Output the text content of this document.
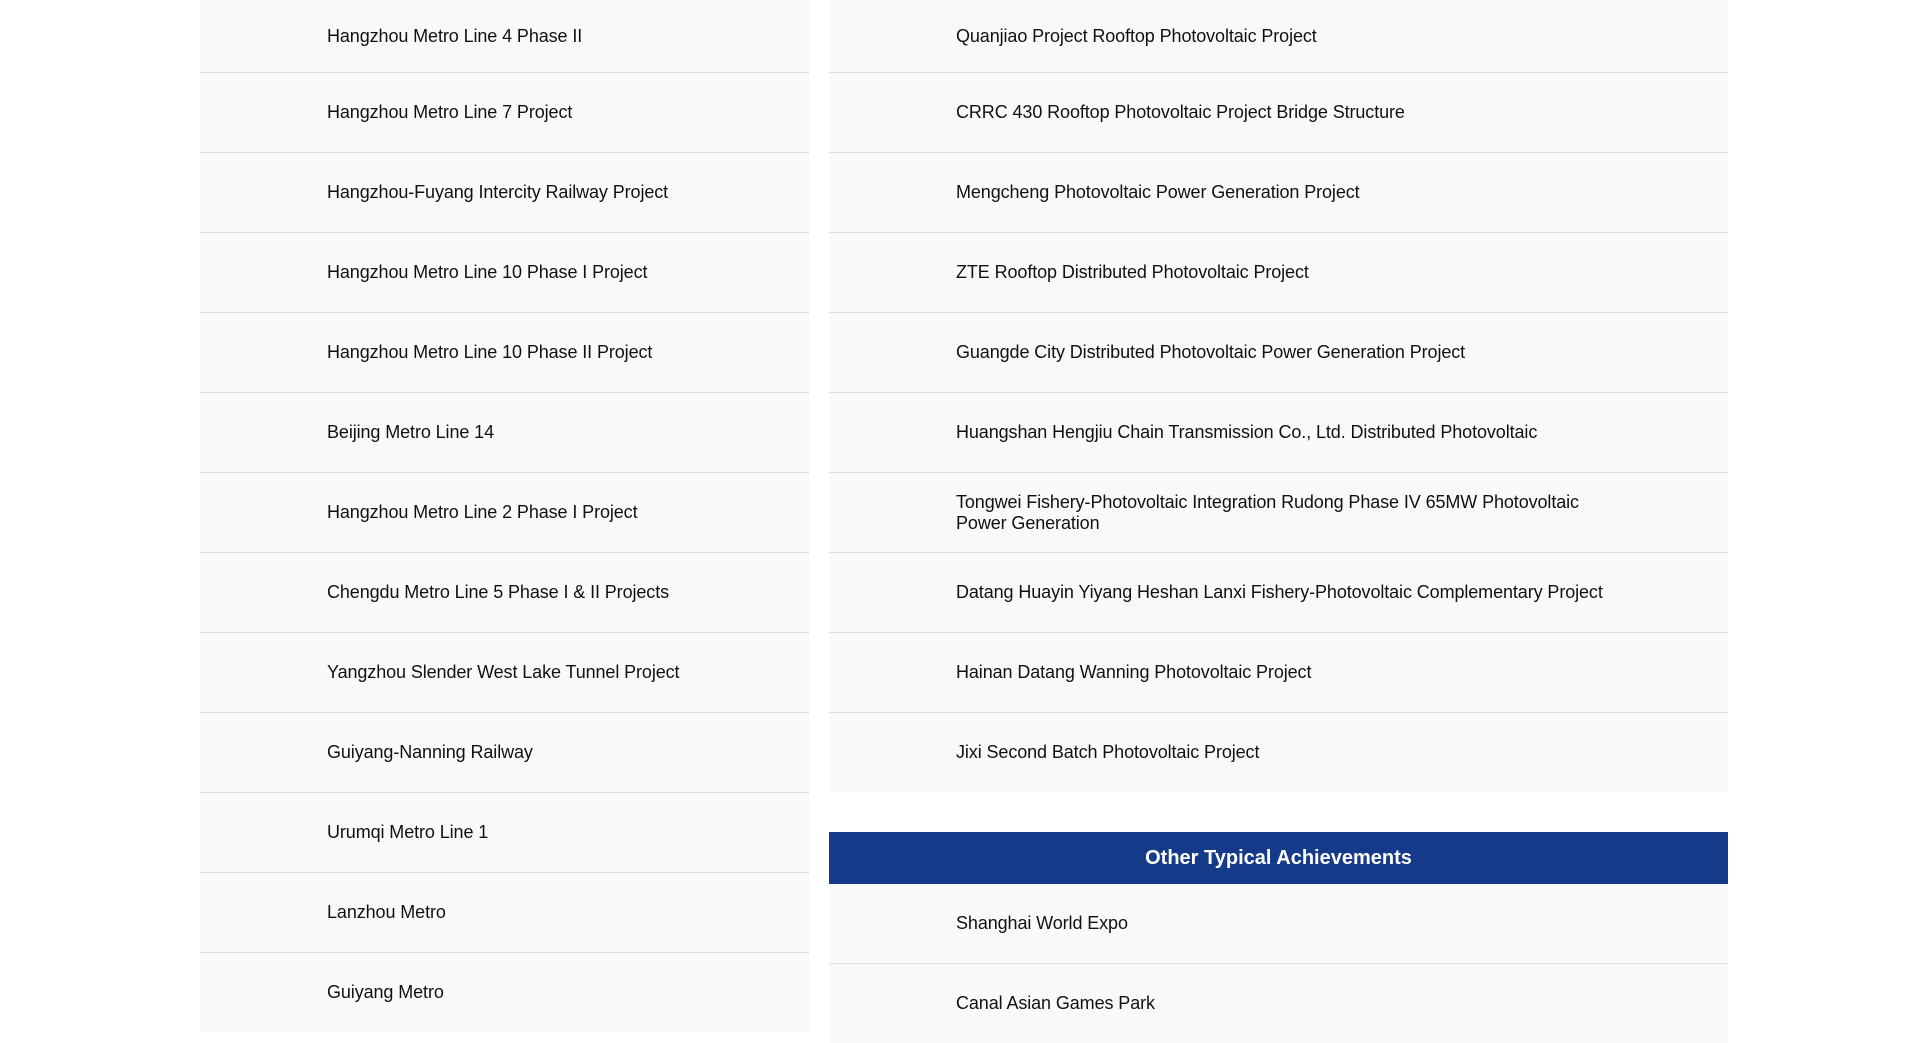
Hangzhou Metro Line 4 Phase II
Hangzhou Metro Line 7 Project
Hangzhou-Fuyang Intercity Railway Project
Hangzhou Metro Line 10 Phase I Project
Hangzhou Metro Line 10 Phase II Project
Beijing Metro Line 14
Hangzhou Metro Line 2 Phase I Project
Chengdu Metro Line 5 Phase I & II Projects
Yangzhou Slender West Lake Tunnel Project
Guiyang-Nanning Railway
Urumqi Metro Line 1
Lanzhou Metro
Guiyang Metro
Quanjiao Project Rooftop Photovoltaic Project
CRRC 430 Rooftop Photovoltaic Project Bridge Structure
Mengcheng Photovoltaic Power Generation Project
ZTE Rooftop Distributed Photovoltaic Project
Guangde City Distributed Photovoltaic Power Generation Project
Huangshan Hengjiu Chain Transmission Co., Ltd. Distributed Photovoltaic
Tongwei Fishery-Photovoltaic Integration Rudong Phase IV 65MW Photovoltaic Power Generation
Datang Huayin Yiyang Heshan Lanxi Fishery-Photovoltaic Complementary Project
Hainan Datang Wanning Photovoltaic Project
Jixi Second Batch Photovoltaic Project
Other Typical Achievements
Shanghai World Expo
Canal Asian Games Park
